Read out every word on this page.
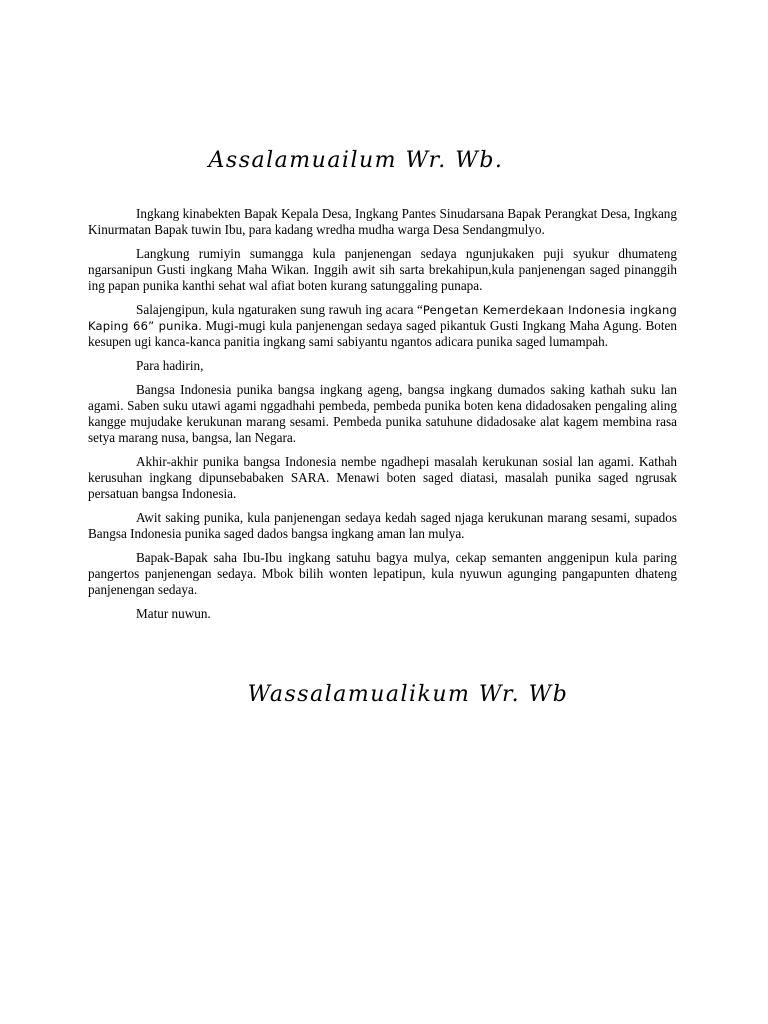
Assalamuailum Wr. Wb.

Ingkang kinabekten Bapak Kepala Desa, Ingkang Pantes Sinudarsana Bapak Perangkat Desa, Ingkang Kinurmatan Bapak tuwin Ibu, para kadang wredha mudha warga Desa Sendangmulyo.

Langkung rumiyin sumangga kula panjenengan sedaya ngunjukaken puji syukur dhumateng ngarsanipun Gusti ingkang Maha Wikan. Inggih awit sih sarta brekahipun,kula panjenengan saged pinanggih ing papan punika kanthi sehat wal afiat boten kurang satunggaling punapa.

Salajengipun, kula ngaturaken sung rawuh ing acara “Pengetan Kemerdekaan Indonesia ingkang Kaping 66” punika. Mugi-mugi kula panjenengan sedaya saged pikantuk Gusti Ingkang Maha Agung. Boten kesupen ugi kanca-kanca panitia ingkang sami sabiyantu ngantos adicara punika saged lumampah.

Para hadirin,

Bangsa Indonesia punika bangsa ingkang ageng, bangsa ingkang dumados saking kathah suku lan agami. Saben suku utawi agami nggadhahi pembeda, pembeda punika boten kena didadosaken pengaling aling kangge mujudake kerukunan marang sesami. Pembeda punika satuhune didadosake alat kagem membina rasa setya marang nusa, bangsa, lan Negara.

Akhir-akhir punika bangsa Indonesia nembe ngadhepi masalah kerukunan sosial lan agami. Kathah kerusuhan ingkang dipunsebabaken SARA. Menawi boten saged diatasi, masalah punika saged ngrusak persatuan bangsa Indonesia.

Awit saking punika, kula panjenengan sedaya kedah saged njaga kerukunan marang sesami, supados Bangsa Indonesia punika saged dados bangsa ingkang aman lan mulya.

Bapak-Bapak saha Ibu-Ibu ingkang satuhu bagya mulya, cekap semanten anggenipun kula paring pangertos panjenengan sedaya. Mbok bilih wonten lepatipun, kula nyuwun agunging pangapunten dhateng panjenengan sedaya.

Matur nuwun.

Wassalamualikum Wr. Wb
